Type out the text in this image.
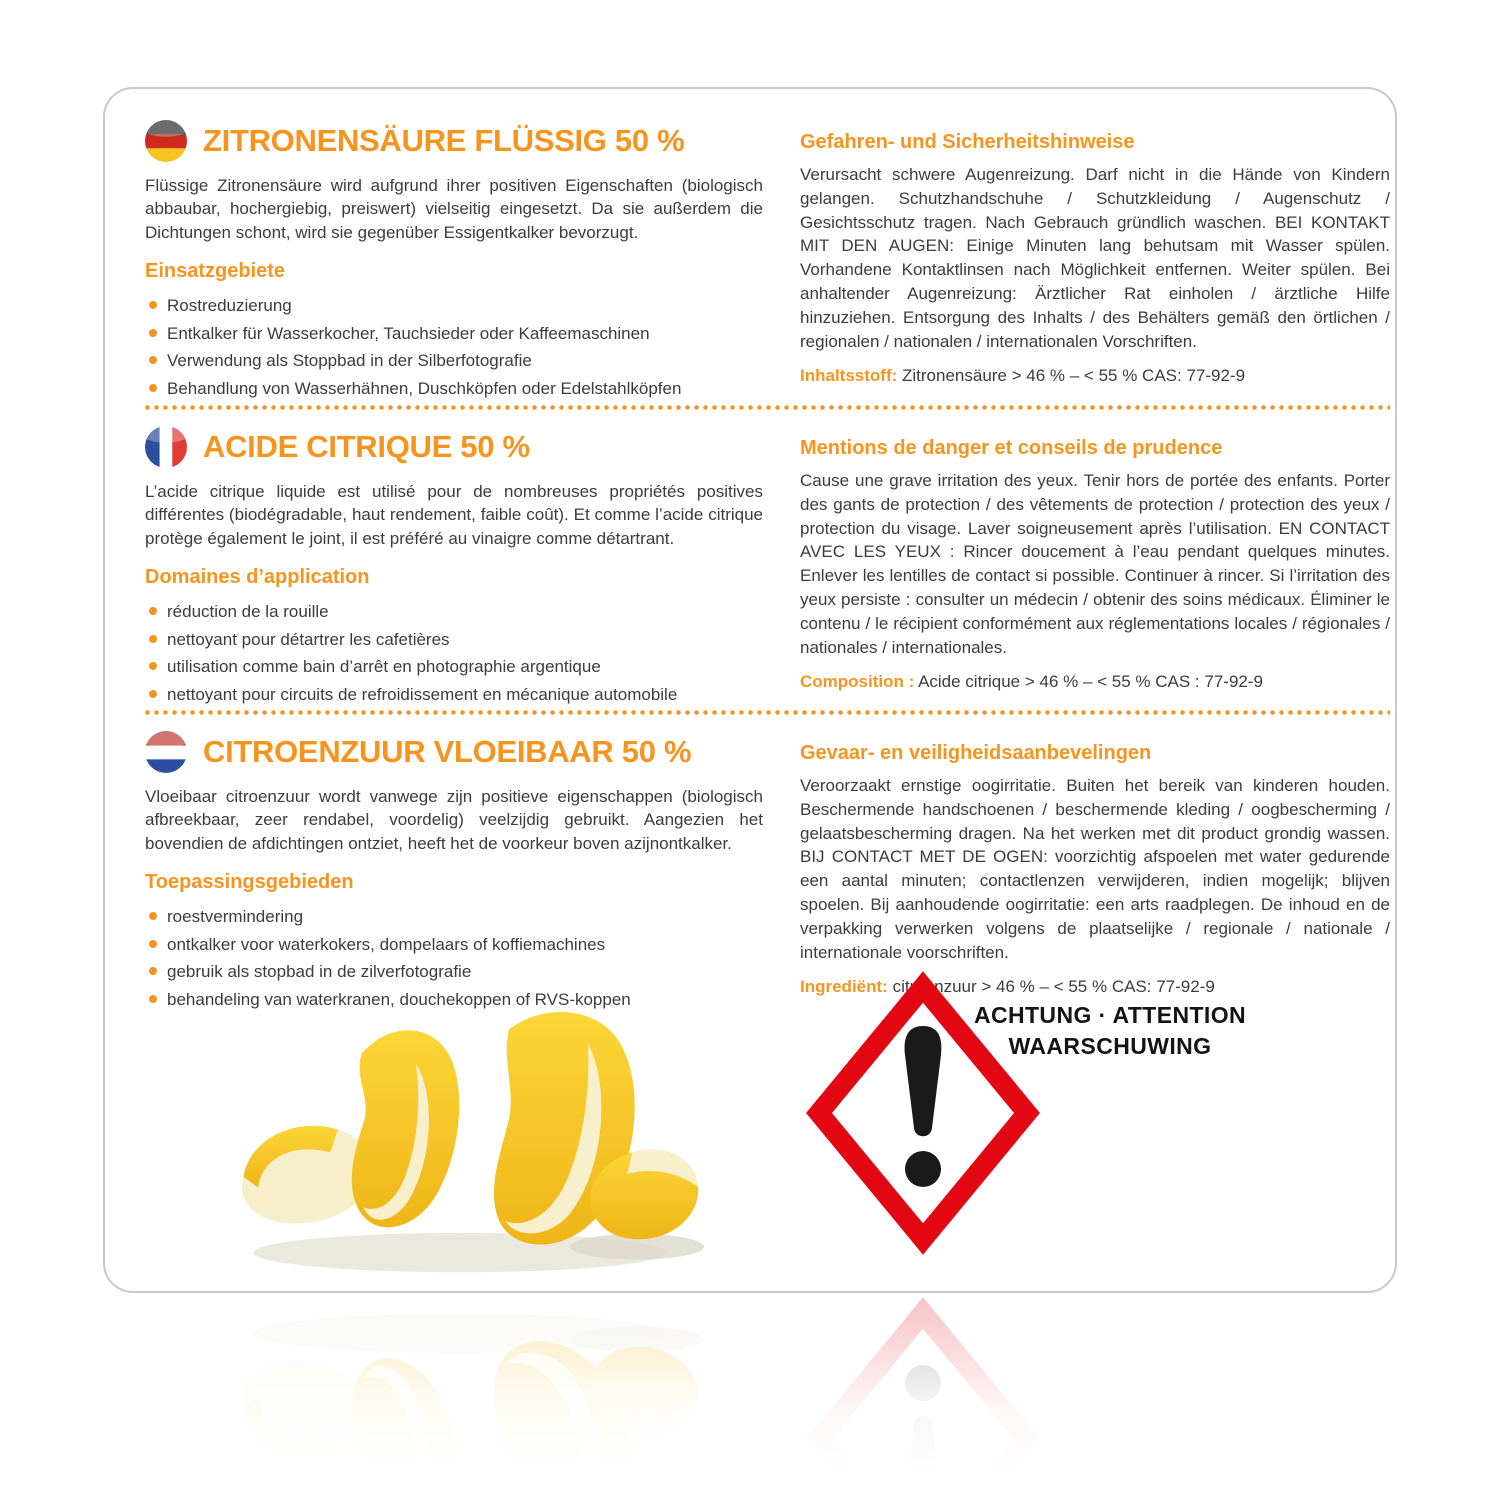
ZITRONENSÄURE FLÜSSIG 50 %

Flüssige Zitronensäure wird aufgrund ihrer positiven Eigenschaften (biologisch abbaubar, hochergiebig, preiswert) vielseitig eingesetzt. Da sie außerdem die Dichtungen schont, wird sie gegenüber Essigentkalker bevorzugt.

Einsatzgebiete
Rostreduzierung
Entkalker für Wasserkocher, Tauchsieder oder Kaffeemaschinen
Verwendung als Stoppbad in der Silberfotografie
Behandlung von Wasserhähnen, Duschköpfen oder Edelstahlköpfen
Gefahren- und Sicherheitshinweise

Verursacht schwere Augenreizung. Darf nicht in die Hände von Kindern gelangen. Schutzhandschuhe / Schutzkleidung / Augenschutz / Gesichtsschutz tragen. Nach Gebrauch gründlich waschen. BEI KONTAKT MIT DEN AUGEN: Einige Minuten lang behutsam mit Wasser spülen. Vorhandene Kontaktlinsen nach Möglichkeit entfernen. Weiter spülen. Bei anhaltender Augenreizung: Ärztlicher Rat einholen / ärztliche Hilfe hinzuziehen. Entsorgung des Inhalts / des Behälters gemäß den örtlichen / regionalen / nationalen / internationalen Vorschriften.

Inhaltsstoff: Zitronensäure > 46 % – < 55 % CAS: 77-92-9

ACIDE CITRIQUE 50 %

L’acide citrique liquide est utilisé pour de nombreuses propriétés positives différentes (biodégradable, haut rendement, faible coût). Et comme l’acide citrique protège également le joint, il est préféré au vinaigre comme détartrant.

Domaines d’application
réduction de la rouille
nettoyant pour détartrer les cafetières
utilisation comme bain d’arrêt en photographie argentique
nettoyant pour circuits de refroidissement en mécanique automobile
Mentions de danger et conseils de prudence

Cause une grave irritation des yeux. Tenir hors de portée des enfants. Porter des gants de protection / des vêtements de protection / protection des yeux / protection du visage. Laver soigneusement après l’utilisation. EN CONTACT AVEC LES YEUX : Rincer doucement à l’eau pendant quelques minutes. Enlever les lentilles de contact si possible. Continuer à rincer. Si l’irritation des yeux persiste : consulter un médecin / obtenir des soins médicaux. Éliminer le contenu / le récipient conformément aux réglementations locales / régionales / nationales / internationales.

Composition : Acide citrique > 46 % – < 55 % CAS : 77-92-9

CITROENZUUR VLOEIBAAR 50 %

Vloeibaar citroenzuur wordt vanwege zijn positieve eigenschappen (biologisch afbreekbaar, zeer rendabel, voordelig) veelzijdig gebruikt. Aangezien het bovendien de afdichtingen ontziet, heeft het de voorkeur boven azijnontkalker.

Toepassingsgebieden
roestvermindering
ontkalker voor waterkokers, dompelaars of koffiemachines
gebruik als stopbad in de zilverfotografie
behandeling van waterkranen, douchekoppen of RVS-koppen
Gevaar- en veiligheidsaanbevelingen

Veroorzaakt ernstige oogirritatie. Buiten het bereik van kinderen houden. Beschermende handschoenen / beschermende kleding / oogbescherming / gelaatsbescherming dragen. Na het werken met dit product grondig wassen. BIJ CONTACT MET DE OGEN: voorzichtig afspoelen met water gedurende een aantal minuten; contactlenzen verwijderen, indien mogelijk; blijven spoelen. Bij aanhoudende oogirritatie: een arts raadplegen. De inhoud en de verpakking verwerken volgens de plaatselijke / regionale / nationale / internationale voorschriften.

Ingrediënt: citroenzuur > 46 % – < 55 % CAS: 77-92-9

ACHTUNG · ATTENTION
WAARSCHUWING
